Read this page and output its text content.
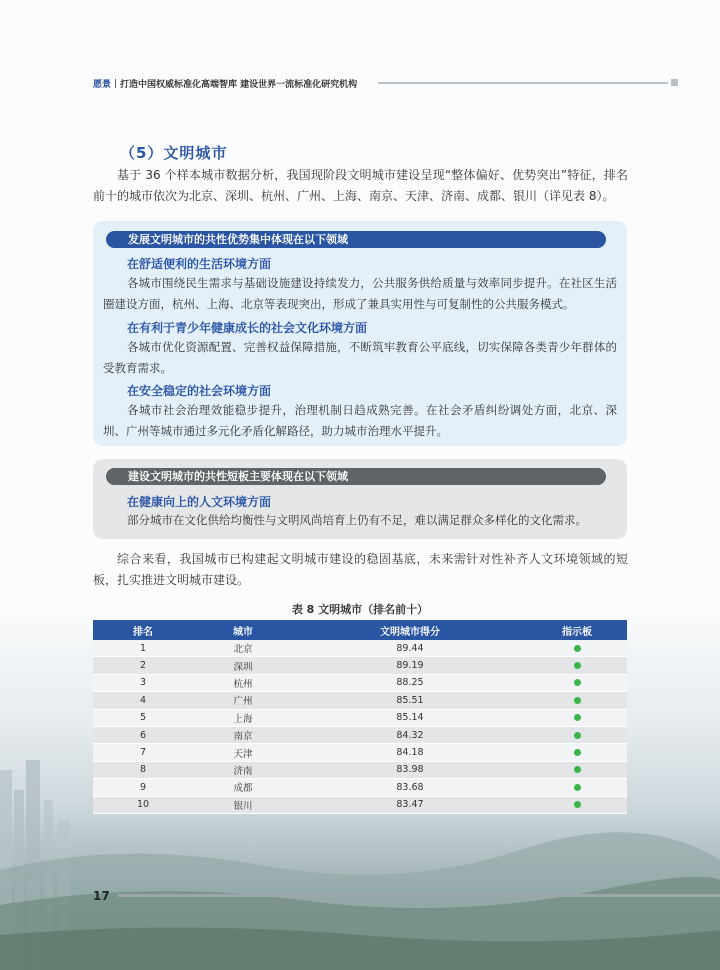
愿景 打造中国权威标准化高端智库 建设世界一流标准化研究机构
（5）文明城市
基于 36 个样本城市数据分析，我国现阶段文明城市建设呈现“整体偏好、优势突出”特征，排名前十的城市依次为北京、深圳、杭州、广州、上海、南京、天津、济南、成都、银川（详见表 8）。
发展文明城市的共性优势集中体现在以下领域
在舒适便利的生活环境方面
各城市围绕民生需求与基础设施建设持续发力，公共服务供给质量与效率同步提升。在社区生活圈建设方面，杭州、上海、北京等表现突出，形成了兼具实用性与可复制性的公共服务模式。
在有利于青少年健康成长的社会文化环境方面
各城市优化资源配置、完善权益保障措施，不断筑牢教育公平底线，切实保障各类青少年群体的受教育需求。
在安全稳定的社会环境方面
各城市社会治理效能稳步提升，治理机制日趋成熟完善。在社会矛盾纠纷调处方面，北京、深圳、广州等城市通过多元化矛盾化解路径，助力城市治理水平提升。
建设文明城市的共性短板主要体现在以下领域
在健康向上的人文环境方面
部分城市在文化供给均衡性与文明风尚培育上仍有不足，难以满足群众多样化的文化需求。
综合来看，我国城市已构建起文明城市建设的稳固基底，未来需针对性补齐人文环境领域的短板，扎实推进文明城市建设。
表 8 文明城市（排名前十）
排名	城市	文明城市得分	指示板
1	北京	89.44	
2	深圳	89.19	
3	杭州	88.25	
4	广州	85.51	
5	上海	85.14	
6	南京	84.32	
7	天津	84.18	
8	济南	83.98	
9	成都	83.68	
10	银川	83.47	
17
